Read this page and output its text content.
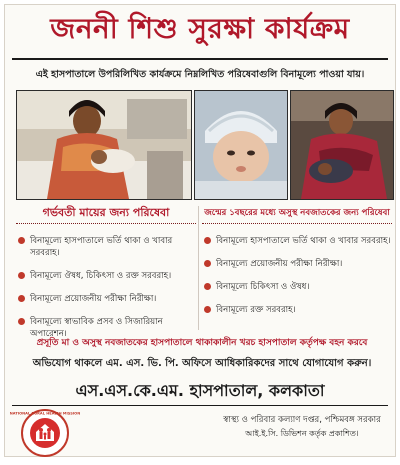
জননী শিশু সুরক্ষা কার্যক্রম
এই হাসপাতালে উপরিলিখিত কার্যক্রমে নিম্নলিখিত পরিষেবাগুলি বিনামূল্যে পাওয়া যায়।
গর্ভবতী মায়ের জন্য পরিষেবা
বিনামূল্যে হাসপাতালে ভর্তি থাকা ও খাবার সরবরাহ।
বিনামূল্যে ঔষধ, চিকিৎসা ও রক্ত সরবরাহ।
বিনামূল্যে প্রয়োজনীয় পরীক্ষা নিরীক্ষা।
বিনামূল্যে স্বাভাবিক প্রসব ও সিজারিয়ান অপারেশন।
জন্মের ১বছরের মধ্যে অসুস্থ নবজাতকের জন্য পরিষেবা
বিনামূল্যে হাসপাতালে ভর্তি থাকা ও খাবার সরবরাহ।
বিনামূল্যে প্রয়োজনীয় পরীক্ষা নিরীক্ষা।
বিনামূল্যে চিকিৎসা ও ঔষধ।
বিনামূল্যে রক্ত সরবরাহ।
প্রসূতি মা ও অসুস্থ নবজাতকের হাসপাতালে থাকাকালীন খরচ হাসপাতাল কর্তৃপক্ষ বহন করবে
অভিযোগ থাকলে এম. এস. ভি. পি. অফিসে আধিকারিকদের সাথে যোগাযোগ করুন।
এস.এস.কে.এম. হাসপাতাল, কলকাতা
NATIONAL RURAL HEALTH MISSION
স্বাস্থ্য ও পরিবার কল্যাণ দপ্তর, পশ্চিমবঙ্গ সরকার
আই.ই.সি. ডিভিশন কর্তৃক প্রকাশিত।
